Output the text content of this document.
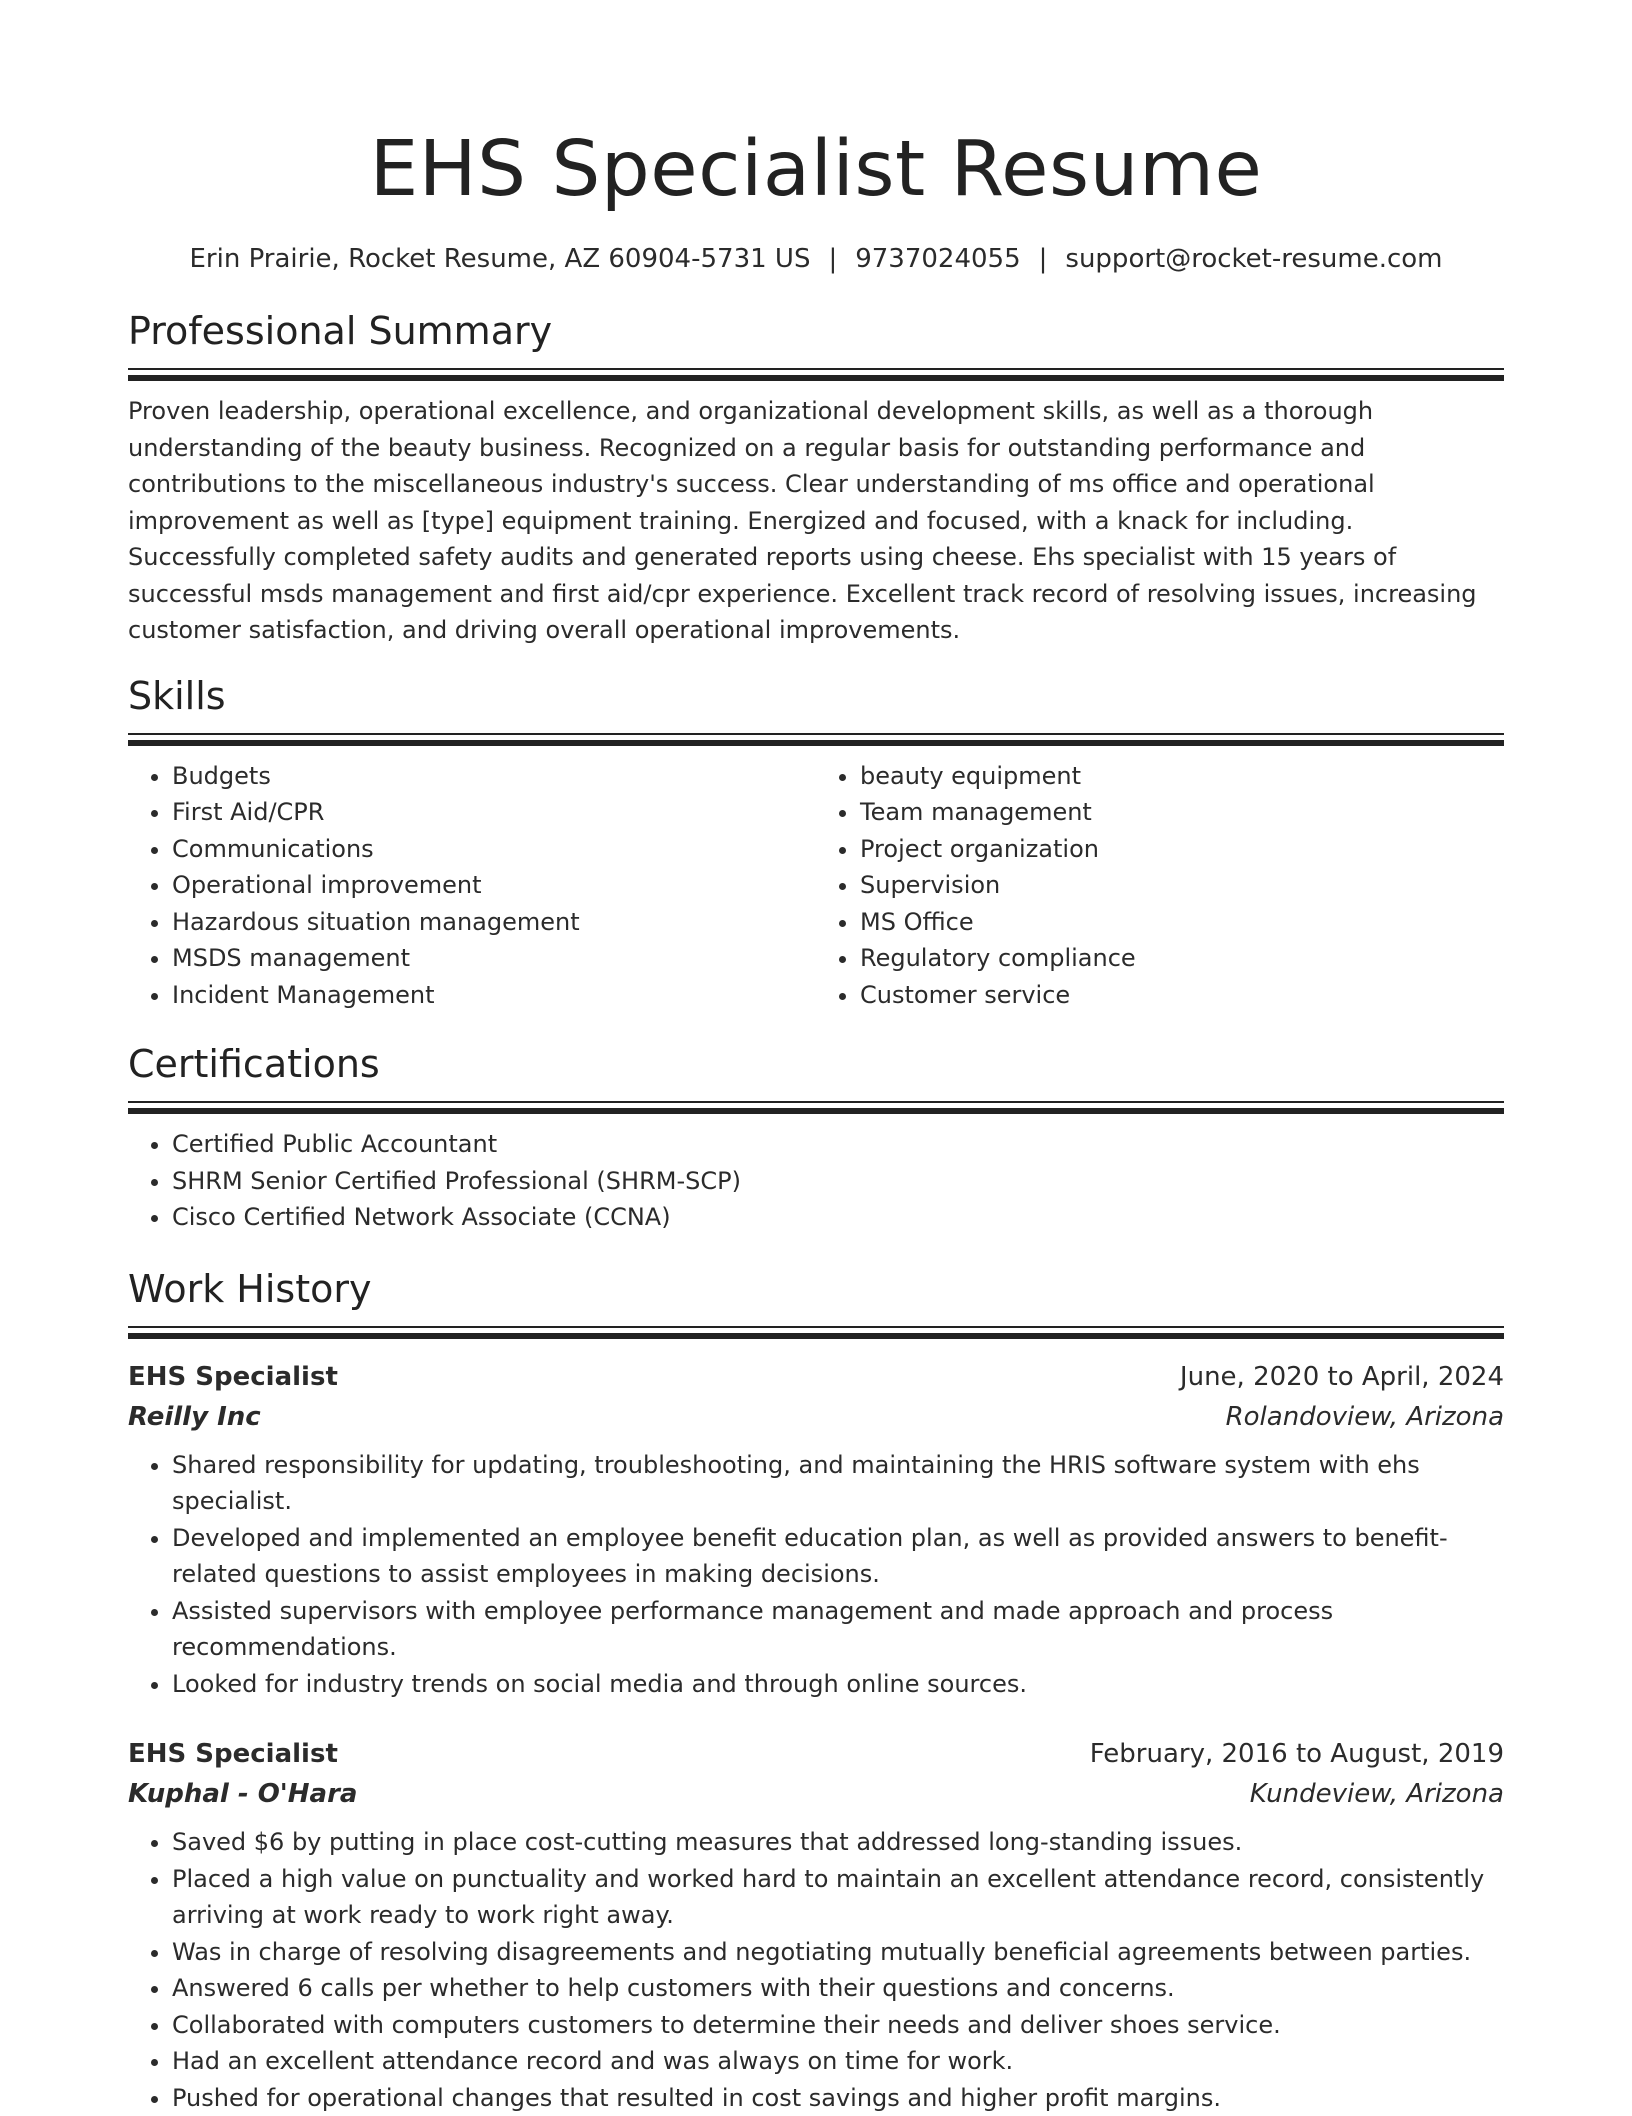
EHS Specialist Resume
Erin Prairie, Rocket Resume, AZ 60904-5731 US | 9737024055 | support@rocket-resume.com
Professional Summary

Proven leadership, operational excellence, and organizational development skills, as well as a thorough understanding of the beauty business. Recognized on a regular basis for outstanding performance and contributions to the miscellaneous industry's success. Clear understanding of ms office and operational improvement as well as [type] equipment training. Energized and focused, with a knack for including. Successfully completed safety audits and generated reports using cheese. Ehs specialist with 15 years of successful msds management and first aid/cpr experience. Excellent track record of resolving issues, increasing customer satisfaction, and driving overall operational improvements.

Skills
• Budgets
• First Aid/CPR
• Communications
• Operational improvement
• Hazardous situation management
• MSDS management
• Incident Management
• beauty equipment
• Team management
• Project organization
• Supervision
• MS Office
• Regulatory compliance
• Customer service
Certifications
• Certified Public Accountant
• SHRM Senior Certified Professional (SHRM-SCP)
• Cisco Certified Network Associate (CCNA)
Work History
EHS Specialist	June, 2020 to April, 2024
Reilly Inc	Rolandoview, Arizona
• Shared responsibility for updating, troubleshooting, and maintaining the HRIS software system with ehs specialist.
• Developed and implemented an employee benefit education plan, as well as provided answers to benefit-related questions to assist employees in making decisions.
• Assisted supervisors with employee performance management and made approach and process recommendations.
• Looked for industry trends on social media and through online sources.
EHS Specialist	February, 2016 to August, 2019
Kuphal - O'Hara	Kundeview, Arizona
• Saved $6 by putting in place cost-cutting measures that addressed long-standing issues.
• Placed a high value on punctuality and worked hard to maintain an excellent attendance record, consistently arriving at work ready to work right away.
• Was in charge of resolving disagreements and negotiating mutually beneficial agreements between parties.
• Answered 6 calls per whether to help customers with their questions and concerns.
• Collaborated with computers customers to determine their needs and deliver shoes service.
• Had an excellent attendance record and was always on time for work.
• Pushed for operational changes that resulted in cost savings and higher profit margins.
